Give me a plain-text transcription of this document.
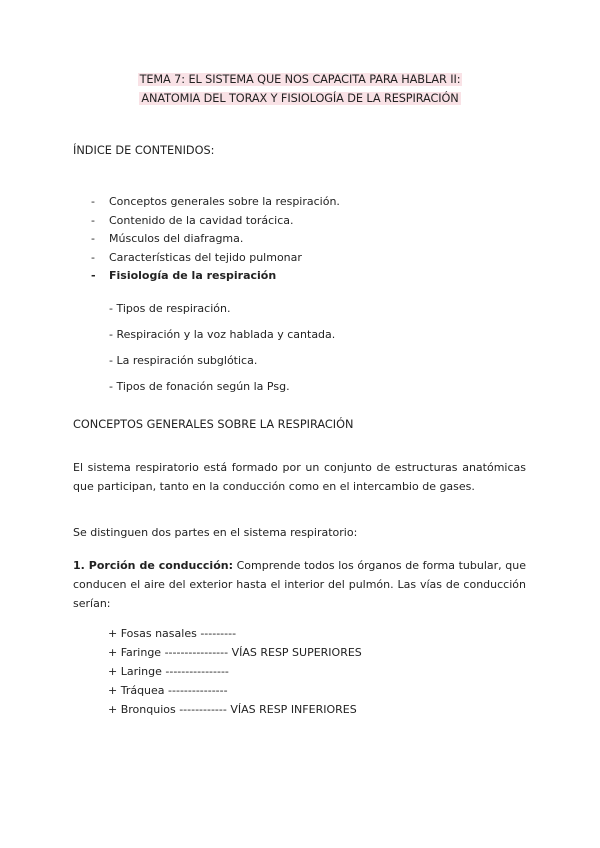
TEMA 7: EL SISTEMA QUE NOS CAPACITA PARA HABLAR II:
ANATOMIA DEL TORAX Y FISIOLOGÍA DE LA RESPIRACIÓN
ÍNDICE DE CONTENIDOS:
- Conceptos generales sobre la respiración.
- Contenido de la cavidad torácica.
- Músculos del diafragma.
- Características del tejido pulmonar
- Fisiología de la respiración
- Tipos de respiración.
- Respiración y la voz hablada y cantada.
- La respiración subglótica.
- Tipos de fonación según la Psg.
CONCEPTOS GENERALES SOBRE LA RESPIRACIÓN

El sistema respiratorio está formado por un conjunto de estructuras anatómicas que participan, tanto en la conducción como en el intercambio de gases.

Se distinguen dos partes en el sistema respiratorio:

1. Porción de conducción: Comprende todos los órganos de forma tubular, que conducen el aire del exterior hasta el interior del pulmón. Las vías de conducción serían:

+ Fosas nasales ---------
+ Faringe ---------------- VÍAS RESP SUPERIORES
+ Laringe ----------------
+ Tráquea ---------------
+ Bronquios ------------ VÍAS RESP INFERIORES
